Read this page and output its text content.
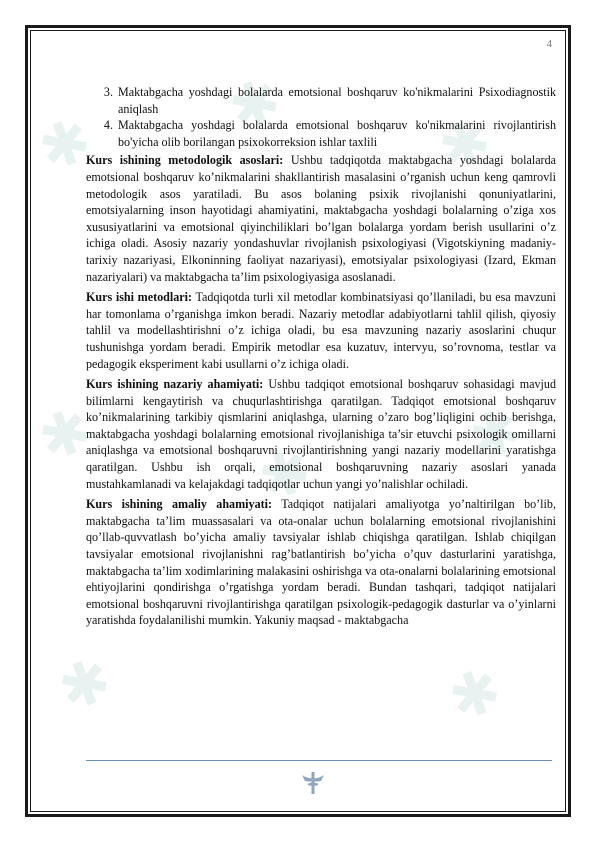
✱ ✱ ✱
✱ ✱ ✱
✱	✱
4
3. Maktabgacha yoshdagi bolalarda emotsional boshqaruv ko'nikmalarini Psixodiagnostik aniqlash
4. Maktabgacha yoshdagi bolalarda emotsional boshqaruv ko'nikmalarini rivojlantirish bo'yicha olib borilangan psixokorreksion ishlar taxlili

Kurs ishining metodologik asoslari: Ushbu tadqiqotda maktabgacha yoshdagi bolalarda emotsional boshqaruv ko’nikmalarini shakllantirish masalasini o’rganish uchun keng qamrovli metodologik asos yaratiladi. Bu asos bolaning psixik rivojlanishi qonuniyatlarini, emotsiyalarning inson hayotidagi ahamiyatini, maktabgacha yoshdagi bolalarning o’ziga xos xususiyatlarini va emotsional qiyinchiliklari bo’lgan bolalarga yordam berish usullarini o’z ichiga oladi. Asosiy nazariy yondashuvlar rivojlanish psixologiyasi (Vigotskiyning madaniy-tarixiy nazariyasi, Elkoninning faoliyat nazariyasi), emotsiyalar psixologiyasi (Izard, Ekman nazariyalari) va maktabgacha ta’lim psixologiyasiga asoslanadi.

Kurs ishi metodlari: Tadqiqotda turli xil metodlar kombinatsiyasi qo’llaniladi, bu esa mavzuni har tomonlama o’rganishga imkon beradi. Nazariy metodlar adabiyotlarni tahlil qilish, qiyosiy tahlil va modellashtirishni o’z ichiga oladi, bu esa mavzuning nazariy asoslarini chuqur tushunishga yordam beradi. Empirik metodlar esa kuzatuv, intervyu, so’rovnoma, testlar va pedagogik eksperiment kabi usullarni o’z ichiga oladi.

Kurs ishining nazariy ahamiyati: Ushbu tadqiqot emotsional boshqaruv sohasidagi mavjud bilimlarni kengaytirish va chuqurlashtirishga qaratilgan. Tadqiqot emotsional boshqaruv ko’nikmalarining tarkibiy qismlarini aniqlashga, ularning o’zaro bog’liqligini ochib berishga, maktabgacha yoshdagi bolalarning emotsional rivojlanishiga ta’sir etuvchi psixologik omillarni aniqlashga va emotsional boshqaruvni rivojlantirishning yangi nazariy modellarini yaratishga qaratilgan. Ushbu ish orqali, emotsional boshqaruvning nazariy asoslari yanada mustahkamlanadi va kelajakdagi tadqiqotlar uchun yangi yo’nalishlar ochiladi.

Kurs ishining amaliy ahamiyati: Tadqiqot natijalari amaliyotga yo’naltirilgan bo’lib, maktabgacha ta’lim muassasalari va ota-onalar uchun bolalarning emotsional rivojlanishini qo’llab-quvvatlash bo’yicha amaliy tavsiyalar ishlab chiqishga qaratilgan. Ishlab chiqilgan tavsiyalar emotsional rivojlanishni rag’batlantirish bo’yicha o’quv dasturlarini yaratishga, maktabgacha ta’lim xodimlarining malakasini oshirishga va ota-onalarni bolalarining emotsional ehtiyojlarini qondirishga o’rgatishga yordam beradi. Bundan tashqari, tadqiqot natijalari emotsional boshqaruvni rivojlantirishga qaratilgan psixologik-pedagogik dasturlar va o’yinlarni yaratishda foydalanilishi mumkin. Yakuniy maqsad - maktabgacha
